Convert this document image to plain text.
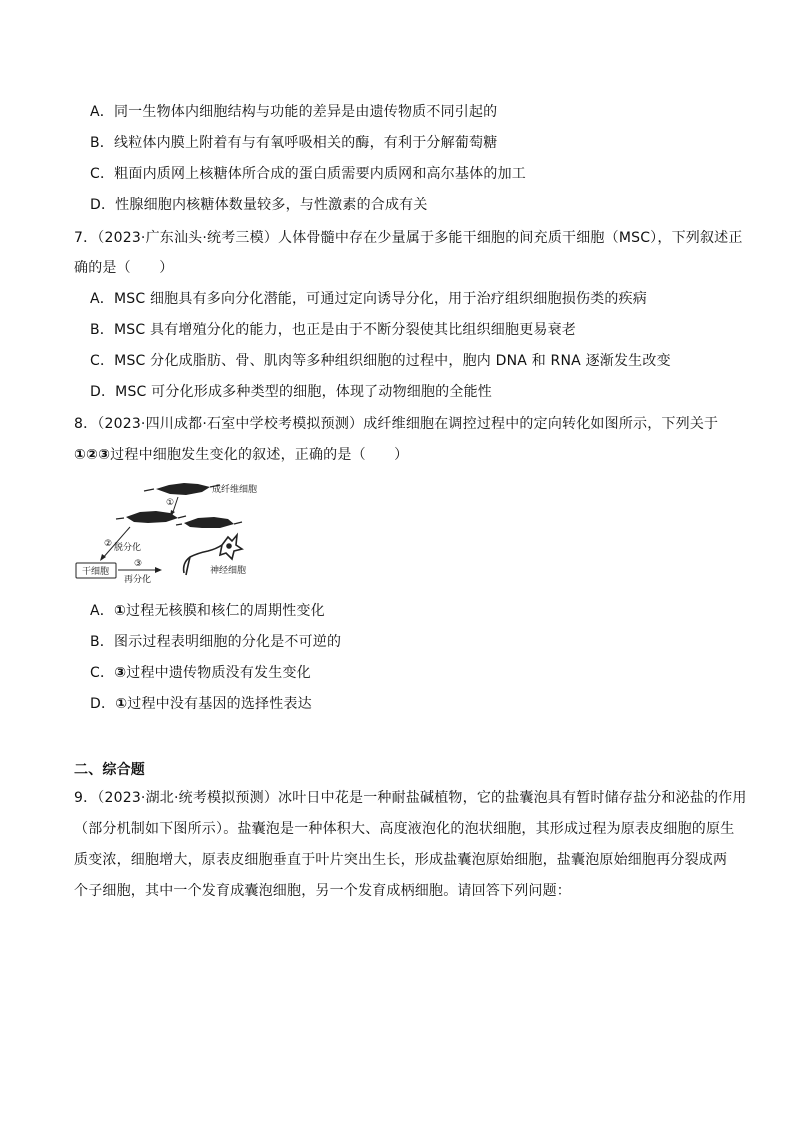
A．同一生物体内细胞结构与功能的差异是由遗传物质不同引起的
B．线粒体内膜上附着有与有氧呼吸相关的酶，有利于分解葡萄糖
C．粗面内质网上核糖体所合成的蛋白质需要内质网和高尔基体的加工
D．性腺细胞内核糖体数量较多，与性激素的合成有关
7．（2023·广东汕头·统考三模）人体骨髓中存在少量属于多能干细胞的间充质干细胞（MSC），下列叙述正
确的是（　　）
A．MSC 细胞具有多向分化潜能，可通过定向诱导分化，用于治疗组织细胞损伤类的疾病
B．MSC 具有增殖分化的能力，也正是由于不断分裂使其比组织细胞更易衰老
C．MSC 分化成脂肪、骨、肌肉等多种组织细胞的过程中，胞内 DNA 和 RNA 逐渐发生改变
D．MSC 可分化形成多种类型的细胞，体现了动物细胞的全能性
8．（2023·四川成都·石室中学校考模拟预测）成纤维细胞在调控过程中的定向转化如图所示，下列关于
①②③过程中细胞发生变化的叙述，正确的是（　　）
成纤维细胞
①
② 脱分化
干细胞
③
再分化
神经细胞
A．①过程无核膜和核仁的周期性变化
B．图示过程表明细胞的分化是不可逆的
C．③过程中遗传物质没有发生变化
D．①过程中没有基因的选择性表达
二、综合题
9．（2023·湖北·统考模拟预测）冰叶日中花是一种耐盐碱植物，它的盐囊泡具有暂时储存盐分和泌盐的作用
（部分机制如下图所示）。盐囊泡是一种体积大、高度液泡化的泡状细胞，其形成过程为原表皮细胞的原生
质变浓，细胞增大，原表皮细胞垂直于叶片突出生长，形成盐囊泡原始细胞，盐囊泡原始细胞再分裂成两
个子细胞，其中一个发育成囊泡细胞，另一个发育成柄细胞。请回答下列问题：
